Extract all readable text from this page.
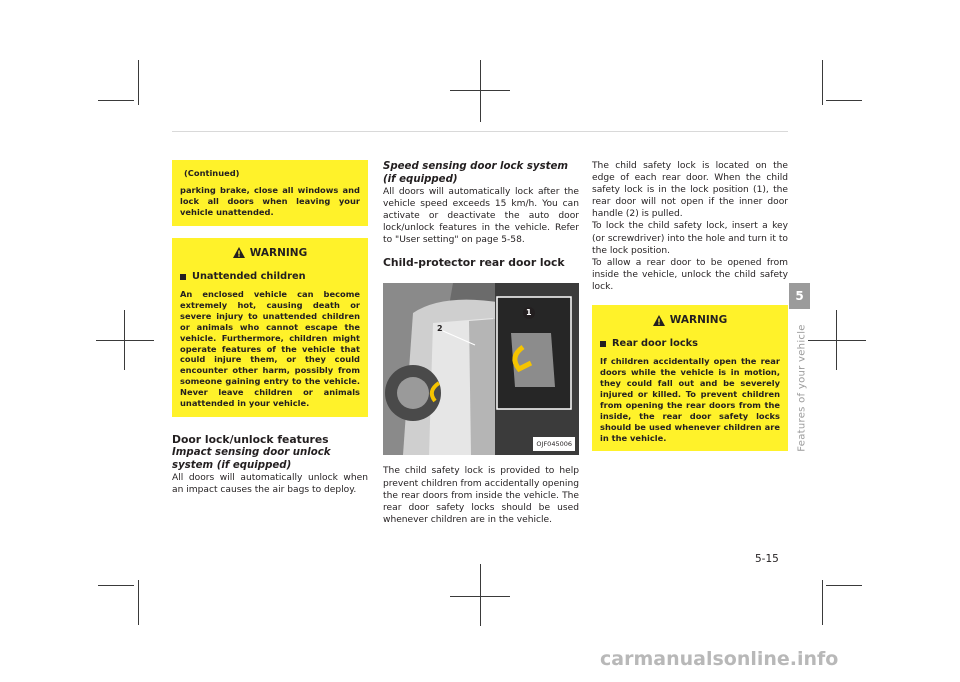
(Continued)
parking brake, close all windows and lock all doors when leaving your vehicle unattended.
WARNING
Unattended children
An enclosed vehicle can become extremely hot, causing death or severe injury to unattended children or animals who cannot escape the vehicle. Furthermore, children might operate features of the vehicle that could injure them, or they could encounter other harm, possibly from someone gaining entry to the vehicle. Never leave children or animals unattended in your vehicle.
Door lock/unlock features
Impact sensing door unlock system (if equipped)
All doors will automatically unlock when an impact causes the air bags to deploy.
Speed sensing door lock system (if equipped)
All doors will automatically lock after the vehicle speed exceeds 15 km/h. You can activate or deactivate the auto door lock/unlock features in the vehicle. Refer to "User setting" on page 5-58.
Child-protector rear door lock
1
2
OJF045006
The child safety lock is provided to help prevent children from accidentally opening the rear doors from inside the vehicle. The rear door safety locks should be used whenever children are in the vehicle.
The child safety lock is located on the edge of each rear door. When the child safety lock is in the lock position (1), the rear door will not open if the inner door handle (2) is pulled.
To lock the child safety lock, insert a key (or screwdriver) into the hole and turn it to the lock position.
To allow a rear door to be opened from inside the vehicle, unlock the child safety lock.
WARNING
Rear door locks
If children accidentally open the rear doors while the vehicle is in motion, they could fall out and be severely injured or killed. To prevent children from opening the rear doors from the inside, the rear door safety locks should be used whenever children are in the vehicle.
5
Features of your vehicle
5-15
carmanualsonline.info
